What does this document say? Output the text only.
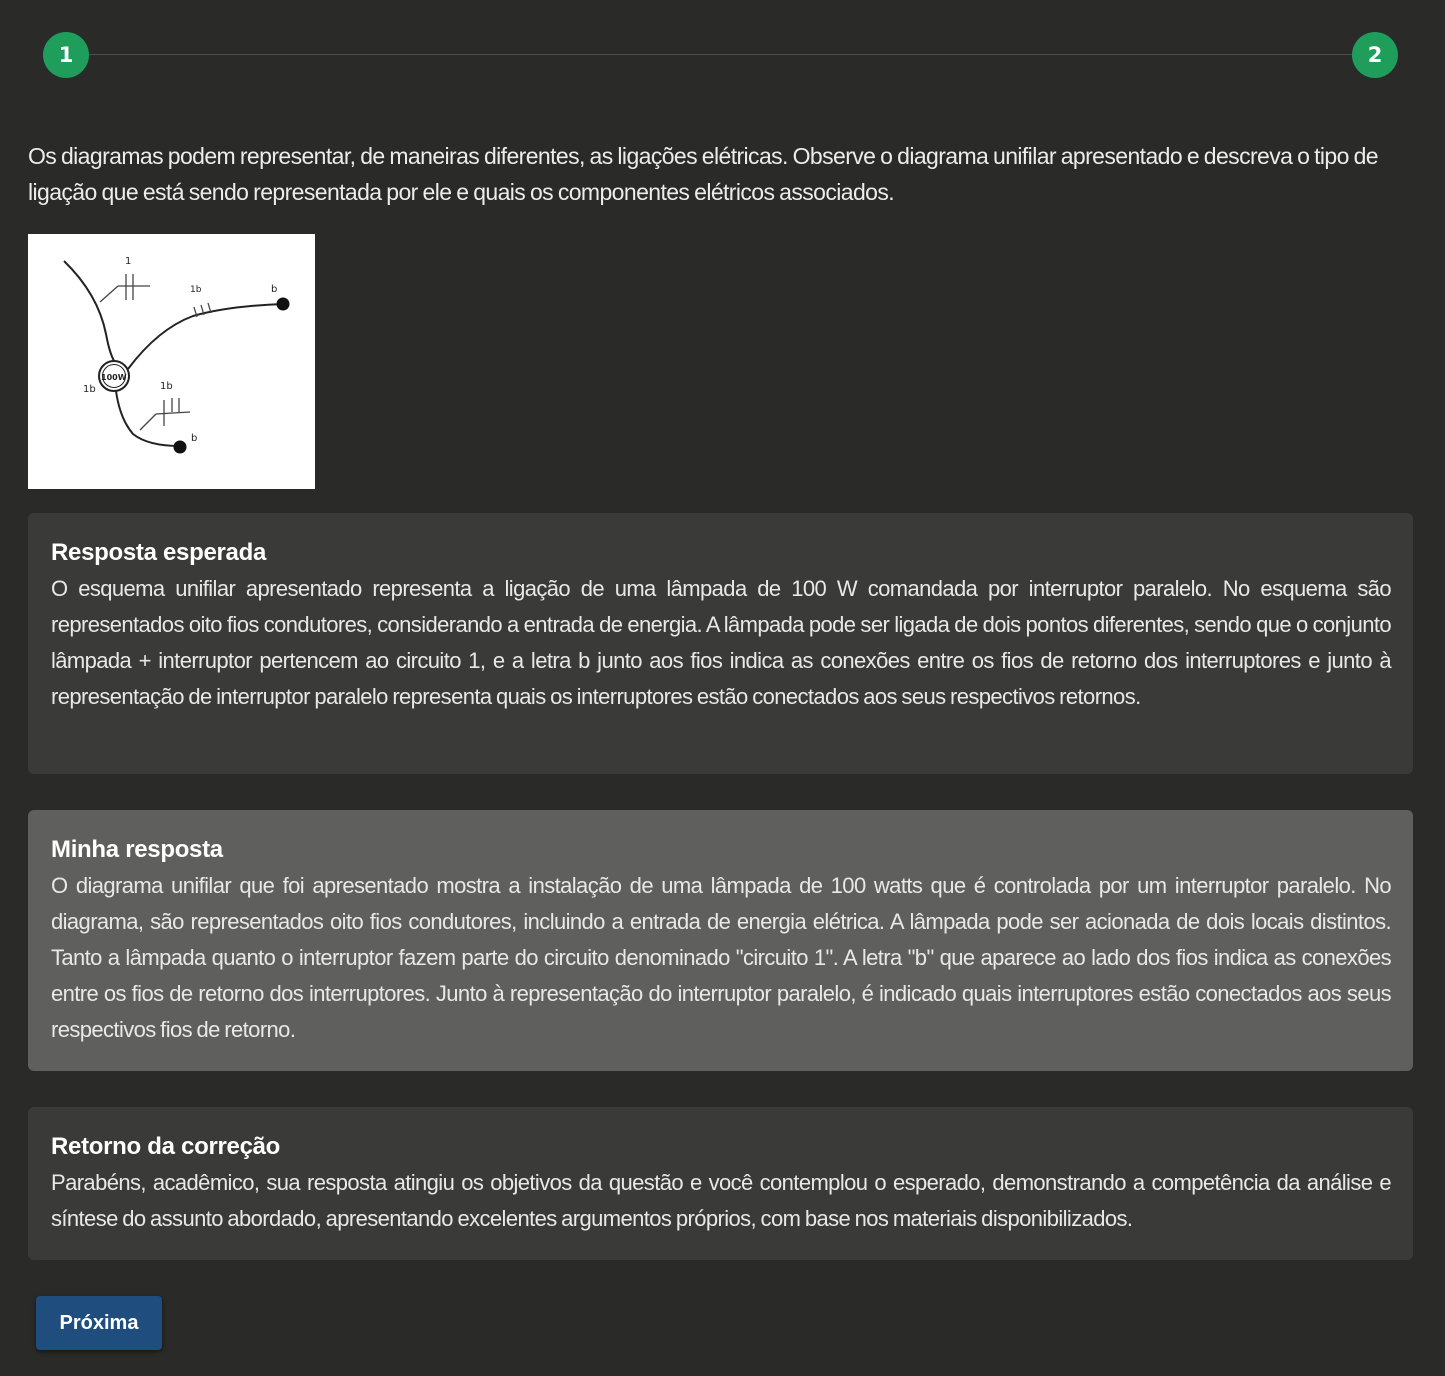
1	2
Os diagramas podem representar, de maneiras diferentes, as ligações elétricas. Observe o diagrama unifilar apresentado e descreva o tipo de ligação que está sendo representada por ele e quais os componentes elétricos associados.
1
1b	b
100W
1b	1b
b
Resposta esperada

O esquema unifilar apresentado representa a ligação de uma lâmpada de 100 W comandada por interruptor paralelo. No esquema são representados oito fios condutores, considerando a entrada de energia. A lâmpada pode ser ligada de dois pontos diferentes, sendo que o conjunto lâmpada + interruptor pertencem ao circuito 1, e a letra b junto aos fios indica as conexões entre os fios de retorno dos interruptores e junto à representação de interruptor paralelo representa quais os interruptores estão conectados aos seus respectivos retornos.

Minha resposta

O diagrama unifilar que foi apresentado mostra a instalação de uma lâmpada de 100 watts que é controlada por um interruptor paralelo. No diagrama, são representados oito fios condutores, incluindo a entrada de energia elétrica. A lâmpada pode ser acionada de dois locais distintos. Tanto a lâmpada quanto o interruptor fazem parte do circuito denominado "circuito 1". A letra "b" que aparece ao lado dos fios indica as conexões entre os fios de retorno dos interruptores. Junto à representação do interruptor paralelo, é indicado quais interruptores estão conectados aos seus respectivos fios de retorno.

Retorno da correção

Parabéns, acadêmico, sua resposta atingiu os objetivos da questão e você contemplou o esperado, demonstrando a competência da análise e síntese do assunto abordado, apresentando excelentes argumentos próprios, com base nos materiais disponibilizados.

Próxima
